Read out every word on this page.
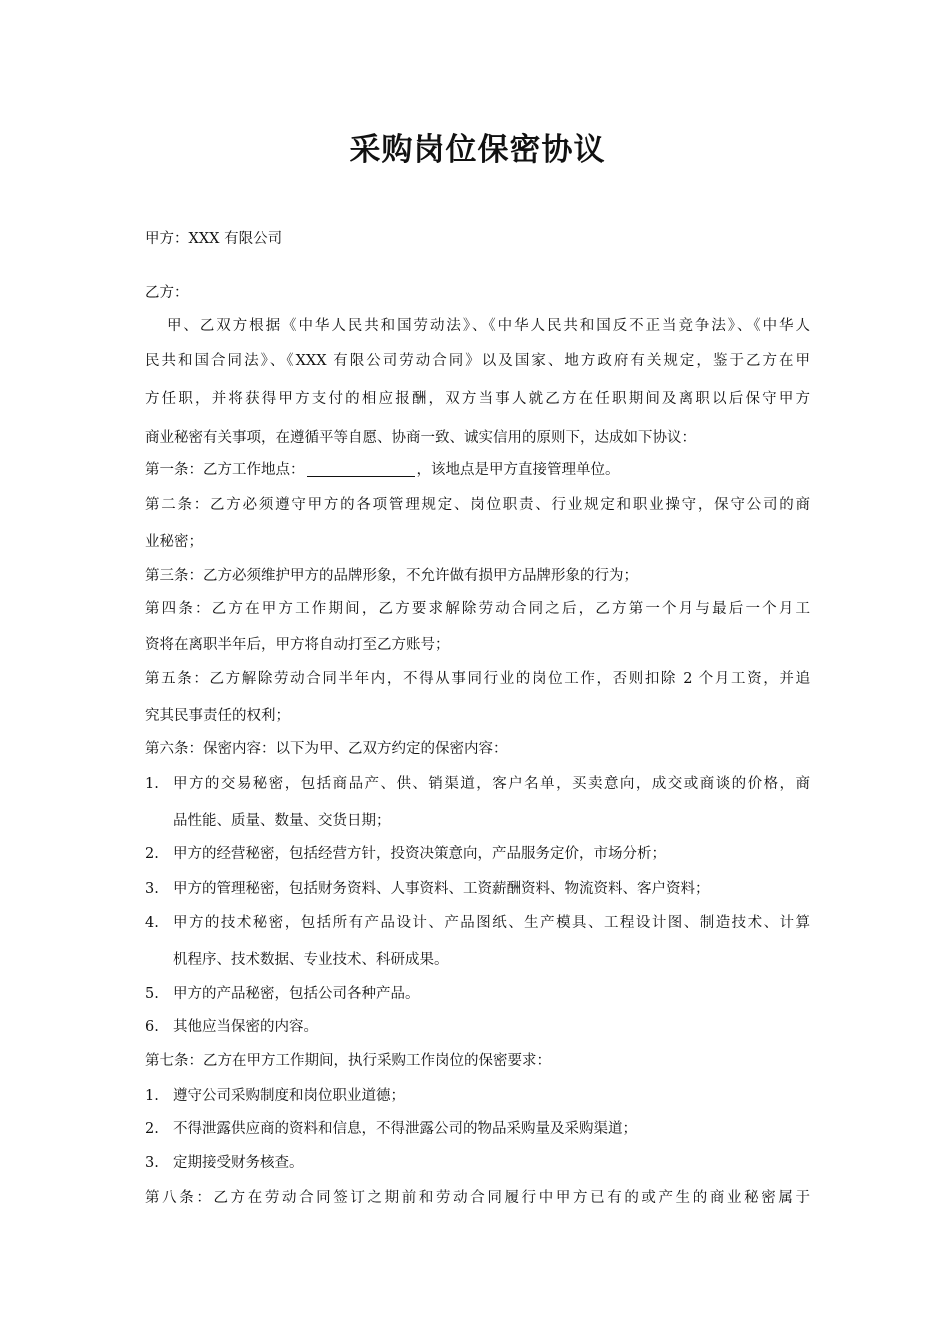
采购岗位保密协议
甲方：XXX 有限公司
乙方：
甲、乙双方根据《中华人民共和国劳动法》、《中华人民共和国反不正当竞争法》、《中华人
民共和国合同法》、《XXX 有限公司劳动合同》以及国家、地方政府有关规定，鉴于乙方在甲
方任职，并将获得甲方支付的相应报酬，双方当事人就乙方在任职期间及离职以后保守甲方
商业秘密有关事项，在遵循平等自愿、协商一致、诚实信用的原则下，达成如下协议：
第一条：乙方工作地点：	，该地点是甲方直接管理单位。
第二条：乙方必须遵守甲方的各项管理规定、岗位职责、行业规定和职业操守，保守公司的商
业秘密；
第三条：乙方必须维护甲方的品牌形象，不允许做有损甲方品牌形象的行为；
第四条：乙方在甲方工作期间，乙方要求解除劳动合同之后，乙方第一个月与最后一个月工
资将在离职半年后，甲方将自动打至乙方账号；
第五条：乙方解除劳动合同半年内，不得从事同行业的岗位工作，否则扣除 2 个月工资，并追
究其民事责任的权利；
第六条：保密内容：以下为甲、乙双方约定的保密内容：
1. 甲方的交易秘密，包括商品产、供、销渠道，客户名单，买卖意向，成交或商谈的价格，商
品性能、质量、数量、交货日期；
2. 甲方的经营秘密，包括经营方针，投资决策意向，产品服务定价，市场分析；
3. 甲方的管理秘密，包括财务资料、人事资料、工资薪酬资料、物流资料、客户资料；
4. 甲方的技术秘密，包括所有产品设计、产品图纸、生产模具、工程设计图、制造技术、计算
机程序、技术数据、专业技术、科研成果。
5. 甲方的产品秘密，包括公司各种产品。
6. 其他应当保密的内容。
第七条：乙方在甲方工作期间，执行采购工作岗位的保密要求：
1. 遵守公司采购制度和岗位职业道德；
2. 不得泄露供应商的资料和信息，不得泄露公司的物品采购量及采购渠道；
3. 定期接受财务核查。
第八条：乙方在劳动合同签订之期前和劳动合同履行中甲方已有的或产生的商业秘密属于
